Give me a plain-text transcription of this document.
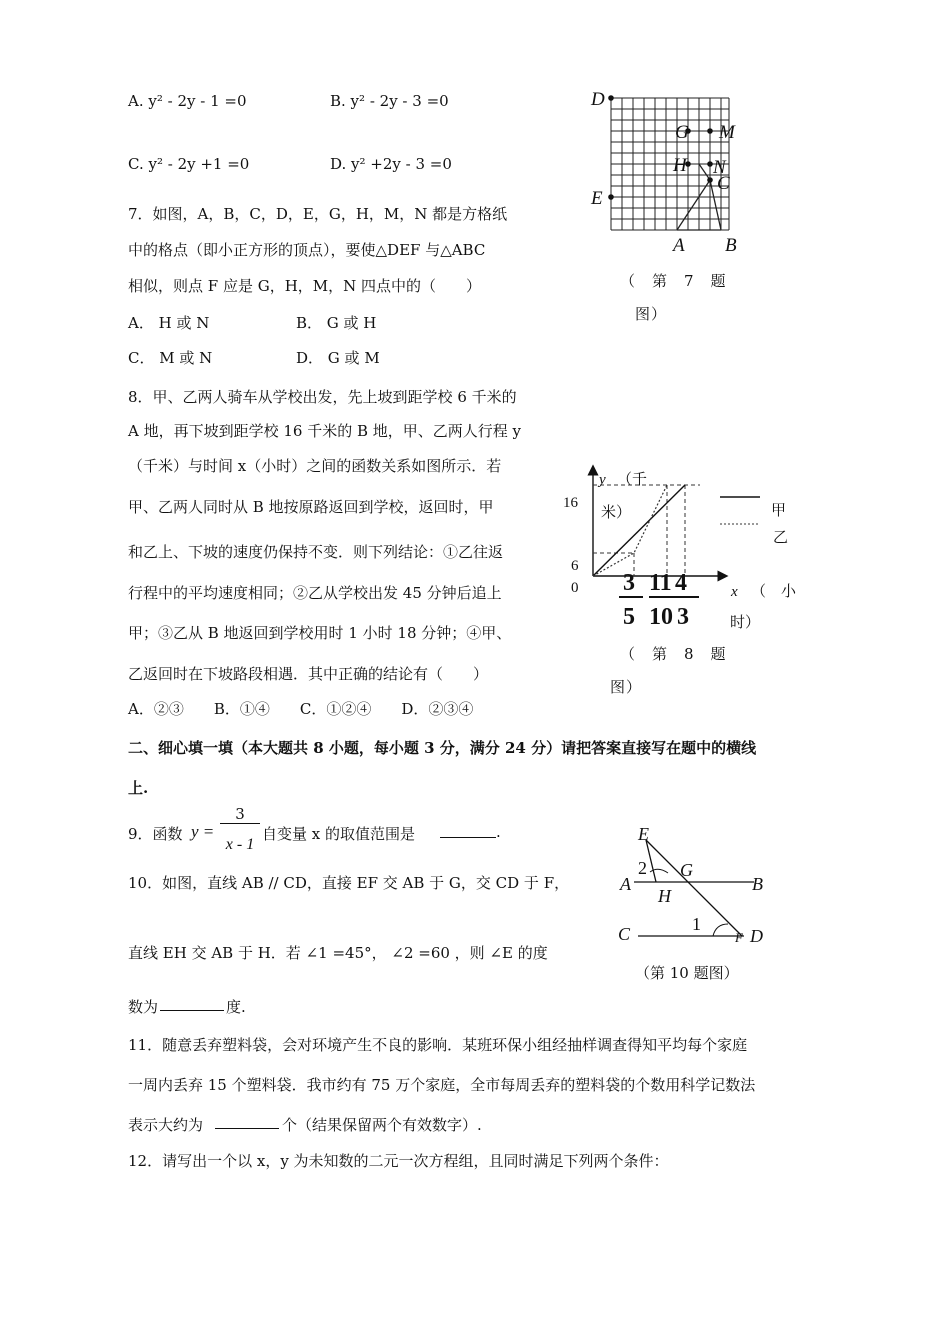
A. y² - 2y - 1 =0	B. y² - 2y - 3 =0
C. y² - 2y +1 =0	D. y² +2y - 3 =0
7．如图，A，B，C，D，E，G，H，M，N 都是方格纸
中的格点（即小正方形的顶点），要使△DEF 与△ABC
相似，则点 F 应是 G，H，M，N 四点中的（　　）
A． H 或 N	B． G 或 H
C． M 或 N	D． G 或 M
D
G M
H N
C
E
A B
（　第　7　题
图）
8．甲、乙两人骑车从学校出发，先上坡到距学校 6 千米的
A 地，再下坡到距学校 16 千米的 B 地，甲、乙两人行程 y
（千米）与时间 x（小时）之间的函数关系如图所示．若
甲、乙两人同时从 B 地按原路返回到学校，返回时，甲
和乙上、下坡的速度仍保持不变．则下列结论：①乙往返
行程中的平均速度相同；②乙从学校出发 45 分钟后追上
甲；③乙从 B 地返回到学校用时 1 小时 18 分钟；④甲、
乙返回时在下坡路段相遇．其中正确的结论有（　　）
A．②③　　B．①④　　C．①②④　　D．②③④
y （千
米）
16
6
0	x （　小
时）
甲
乙
3
5
11
10
4
3
（　第　8　题
图）
二、细心填一填（本大题共 8 小题，每小题 3 分，满分 24 分）请把答案直接写在题中的横线
上.
9．函数 y =
3
x - 1
自变量 x 的取值范围是	.
10．如图，直线 AB // CD，直接 EF 交 AB 于 G，交 CD 于 F，
直线 EH 交 AB 于 H．若 ∠1 =45°， ∠2 =60 ，则 ∠E 的度
数为	度.
E
G
A
H
B
2
1
C	F D
（第 10 题图）
11．随意丢弃塑料袋，会对环境产生不良的影响．某班环保小组经抽样调查得知平均每个家庭
一周内丢弃 15 个塑料袋．我市约有 75 万个家庭，全市每周丢弃的塑料袋的个数用科学记数法
表示大约为	个（结果保留两个有效数字）.
12．请写出一个以 x，y 为未知数的二元一次方程组，且同时满足下列两个条件：
